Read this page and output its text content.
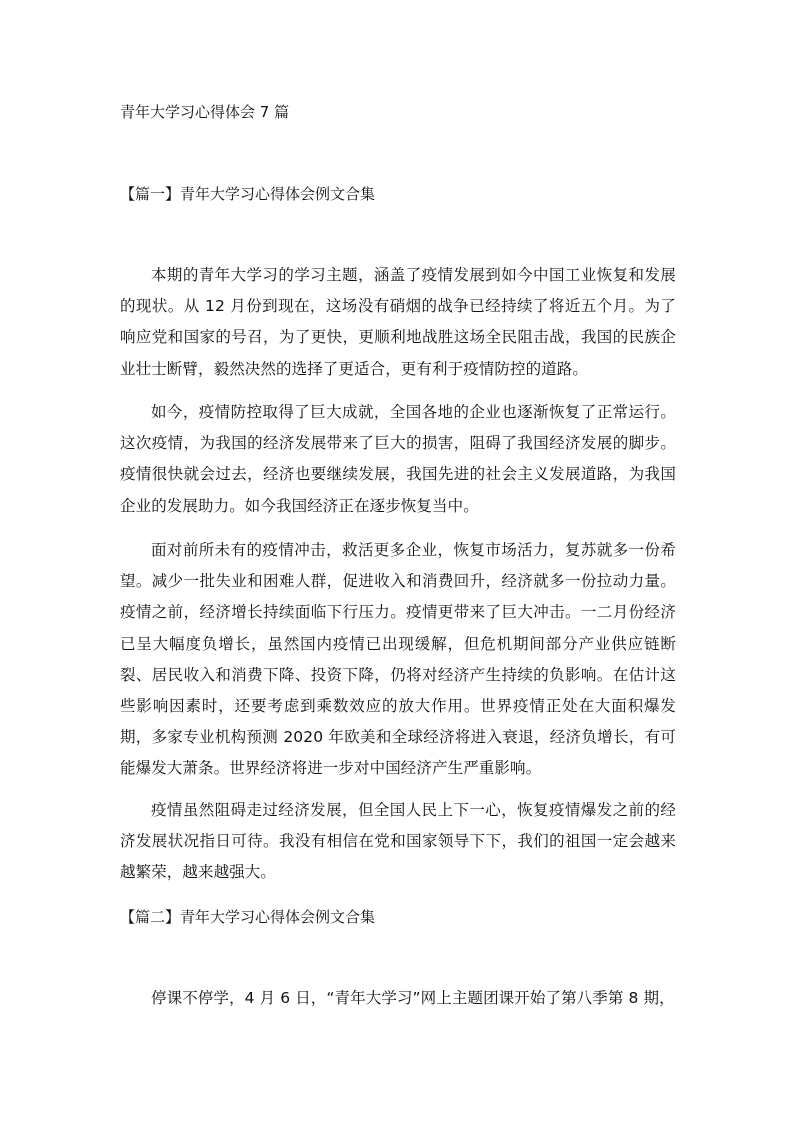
青年大学习心得体会 7 篇
【篇一】青年大学习心得体会例文合集

本期的青年大学习的学习主题，涵盖了疫情发展到如今中国工业恢复和发展的现状。从 12 月份到现在，这场没有硝烟的战争已经持续了将近五个月。为了响应党和国家的号召，为了更快，更顺利地战胜这场全民阻击战，我国的民族企业壮士断臂，毅然决然的选择了更适合，更有利于疫情防控的道路。

如今，疫情防控取得了巨大成就，全国各地的企业也逐渐恢复了正常运行。这次疫情，为我国的经济发展带来了巨大的损害，阻碍了我国经济发展的脚步。疫情很快就会过去，经济也要继续发展，我国先进的社会主义发展道路，为我国企业的发展助力。如今我国经济正在逐步恢复当中。

面对前所未有的疫情冲击，救活更多企业，恢复市场活力，复苏就多一份希望。减少一批失业和困难人群，促进收入和消费回升，经济就多一份拉动力量。疫情之前，经济增长持续面临下行压力。疫情更带来了巨大冲击。一二月份经济已呈大幅度负增长，虽然国内疫情已出现缓解，但危机期间部分产业供应链断裂、居民收入和消费下降、投资下降，仍将对经济产生持续的负影响。在估计这些影响因素时，还要考虑到乘数效应的放大作用。世界疫情正处在大面积爆发期，多家专业机构预测 2020 年欧美和全球经济将进入衰退，经济负增长，有可能爆发大萧条。世界经济将进一步对中国经济产生严重影响。

疫情虽然阻碍走过经济发展，但全国人民上下一心，恢复疫情爆发之前的经济发展状况指日可待。我没有相信在党和国家领导下下，我们的祖国一定会越来越繁荣，越来越强大。

【篇二】青年大学习心得体会例文合集

停课不停学，4 月 6 日，“青年大学习”网上主题团课开始了第八季第 8 期，
